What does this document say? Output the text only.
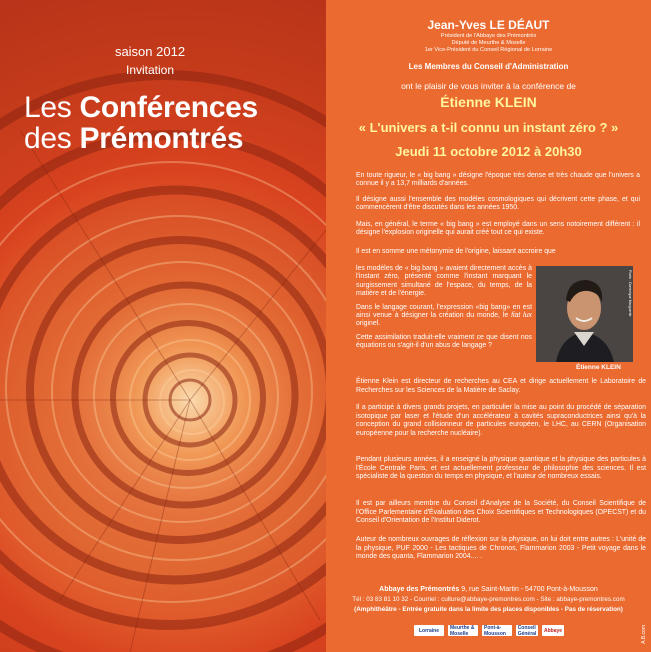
saison 2012
Invitation
Les Conférences
des Prémontrés
Jean-Yves LE DÉAUT
Président de l'Abbaye des Prémontrés
Député de Meurthe & Moselle
1er Vice-Président du Conseil Régional de Lorraine
Les Membres du Conseil d'Administration
ont le plaisir de vous inviter à la conférence de
Étienne KLEIN
« L'univers a t-il connu un instant zéro ? »
Jeudi 11 octobre 2012 à 20h30
En toute rigueur, le « big bang » désigne l'époque très dense et très chaude que l'univers a connue il y a 13,7 milliards d'années.
Il désigne aussi l'ensemble des modèles cosmologiques qui décrivent cette phase, et qui commencèrent d'être discutés dans les années 1950.
Mais, en général, le terme « big bang » est employé dans un sens notoirement différent : il désigne l'explosion originelle qui aurait créé tout ce qui existe.
Il est en somme une métonymie de l'origine, laissant accroire que
les modèles de « big bang » avaient directement accès à l'instant zéro, présenté comme l'instant marquant le surgissement simultané de l'espace, du temps, de la matière et de l'énergie.
Dans le langage courant, l'expression «big bang» en est ainsi venue à désigner la création du monde, le fiat lux originel.
Cette assimilation traduit-elle vraiment ce que disent nos équations ou s'agit-il d'un abus de langage ?
Photo : Dominique Marguerite
Étienne KLEIN
Étienne Klein est directeur de recherches au CEA et dirige actuellement le Laboratoire de Recherches sur les Sciences de la Matière de Saclay.
Il a participé à divers grands projets, en particulier la mise au point du procédé de séparation isotopique par laser et l'étude d'un accélérateur à cavités supraconductrices ainsi qu'à la conception du grand collisionneur de particules européen, le LHC, au CERN (Organisation européenne pour la recherche nucléaire).
Pendant plusieurs années, il a enseigné la physique quantique et la physique des particules à l'École Centrale Paris, et est actuellement professeur de philosophie des sciences. Il est spécialiste de la question du temps en physique, et l'auteur de nombreux essais.
Il est par ailleurs membre du Conseil d'Analyse de la Société, du Conseil Scientifique de l'Office Parlementaire d'Évaluation des Choix Scientifiques et Technologiques (OPECST) et du Conseil d'Orientation de l'Institut Diderot.
Auteur de nombreux ouvrages de réflexion sur la physique, on lui doit entre autres : L'unité de la physique, PUF 2000 - Les tactiques de Chronos, Flammarion 2003 - Petit voyage dans le monde des quanta, Flammarion 2004.... .
Abbaye des Prémontrés 9, rue Saint-Martin - 54700 Pont-à-Mousson
Tél : 03 83 81 10 32 - Courriel : culture@abbaye-premontres.com - Site : abbaye-premontres.com
(Amphithéâtre - Entrée gratuite dans la limite des places disponibles - Pas de réservation)
Lorraine	Meurthe & Moselle
Pont-à-Mousson
Conseil Général	Abbaye	A.B.com
